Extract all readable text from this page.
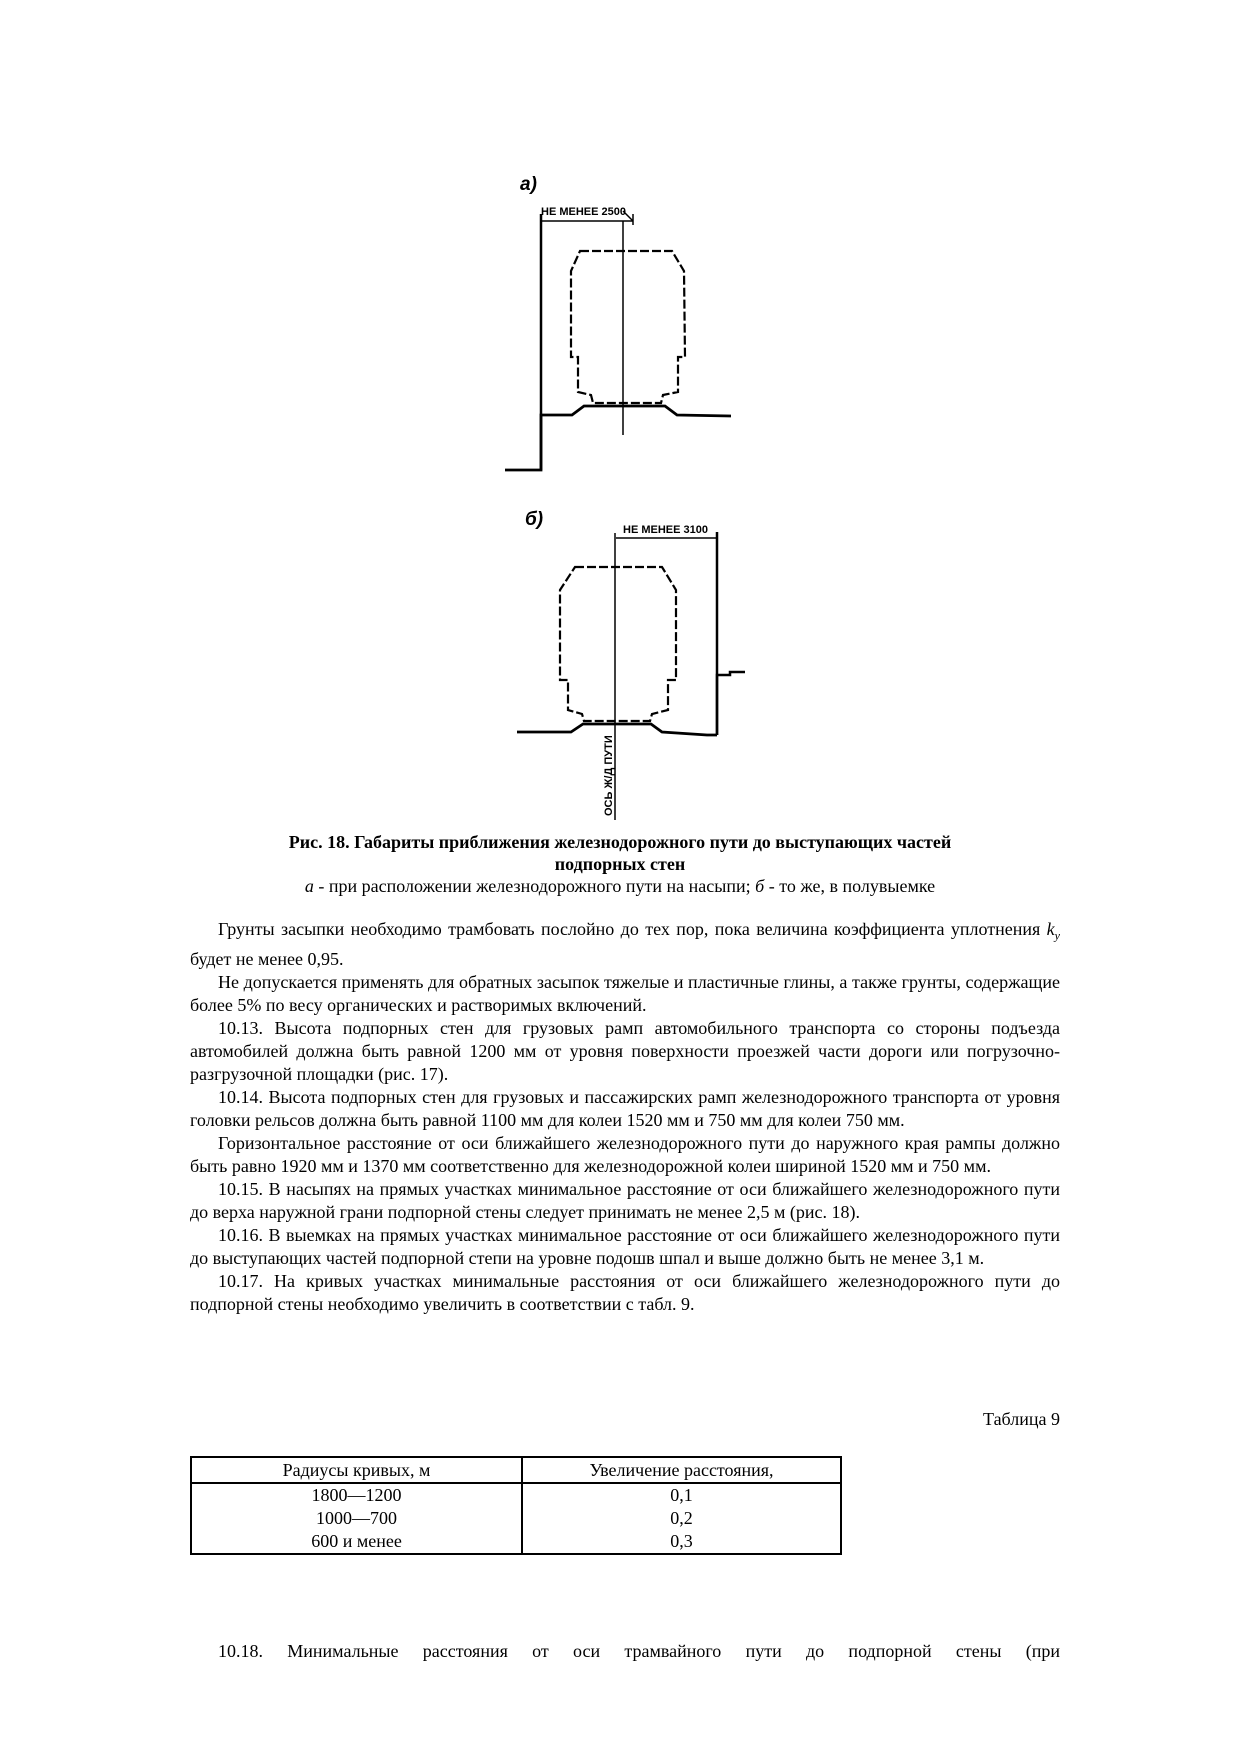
а)
НЕ МЕНЕЕ 2500
б)	НЕ МЕНЕЕ 3100
ОСЬ Ж/Д ПУТИ
Рис. 18. Габариты приближения железнодорожного пути до выступающих частей
подпорных стен
а - при расположении железнодорожного пути на насыпи; б - то же, в полувыемке

Грунты засыпки необходимо трамбовать послойно до тех пор, пока величина коэффициента уплотнения $k_y$ будет не менее 0,95.

Не допускается применять для обратных засыпок тяжелые и пластичные глины, а также грунты, содержащие более 5% по весу органических и растворимых включений.

10.13. Высота подпорных стен для грузовых рамп автомобильного транспорта со стороны подъезда автомобилей должна быть равной 1200 мм от уровня поверхности проезжей части дороги или погрузочно-разгрузочной площадки (рис. 17).

10.14. Высота подпорных стен для грузовых и пассажирских рамп железнодорожного транспорта от уровня головки рельсов должна быть равной 1100 мм для колеи 1520 мм и 750 мм для колеи 750 мм.

Горизонтальное расстояние от оси ближайшего железнодорожного пути до наружного края рампы должно быть равно 1920 мм и 1370 мм соответственно для железнодорожной колеи шириной 1520 мм и 750 мм.

10.15. В насыпях на прямых участках минимальное расстояние от оси ближайшего железнодорожного пути до верха наружной грани подпорной стены следует принимать не менее 2,5 м (рис. 18).

10.16. В выемках на прямых участках минимальное расстояние от оси ближайшего железнодорожного пути до выступающих частей подпорной степи на уровне подошв шпал и выше должно быть не менее 3,1 м.

10.17. На кривых участках минимальные расстояния от оси ближайшего железнодорожного пути до подпорной стены необходимо увеличить в соответствии с табл. 9.

Таблица 9
Радиусы кривых, м	Увеличение расстояния,
1800—1200	0,1
1000—700	0,2
600 и менее	0,3
10.18. Минимальные расстояния от оси трамвайного пути до подпорной стены (при
